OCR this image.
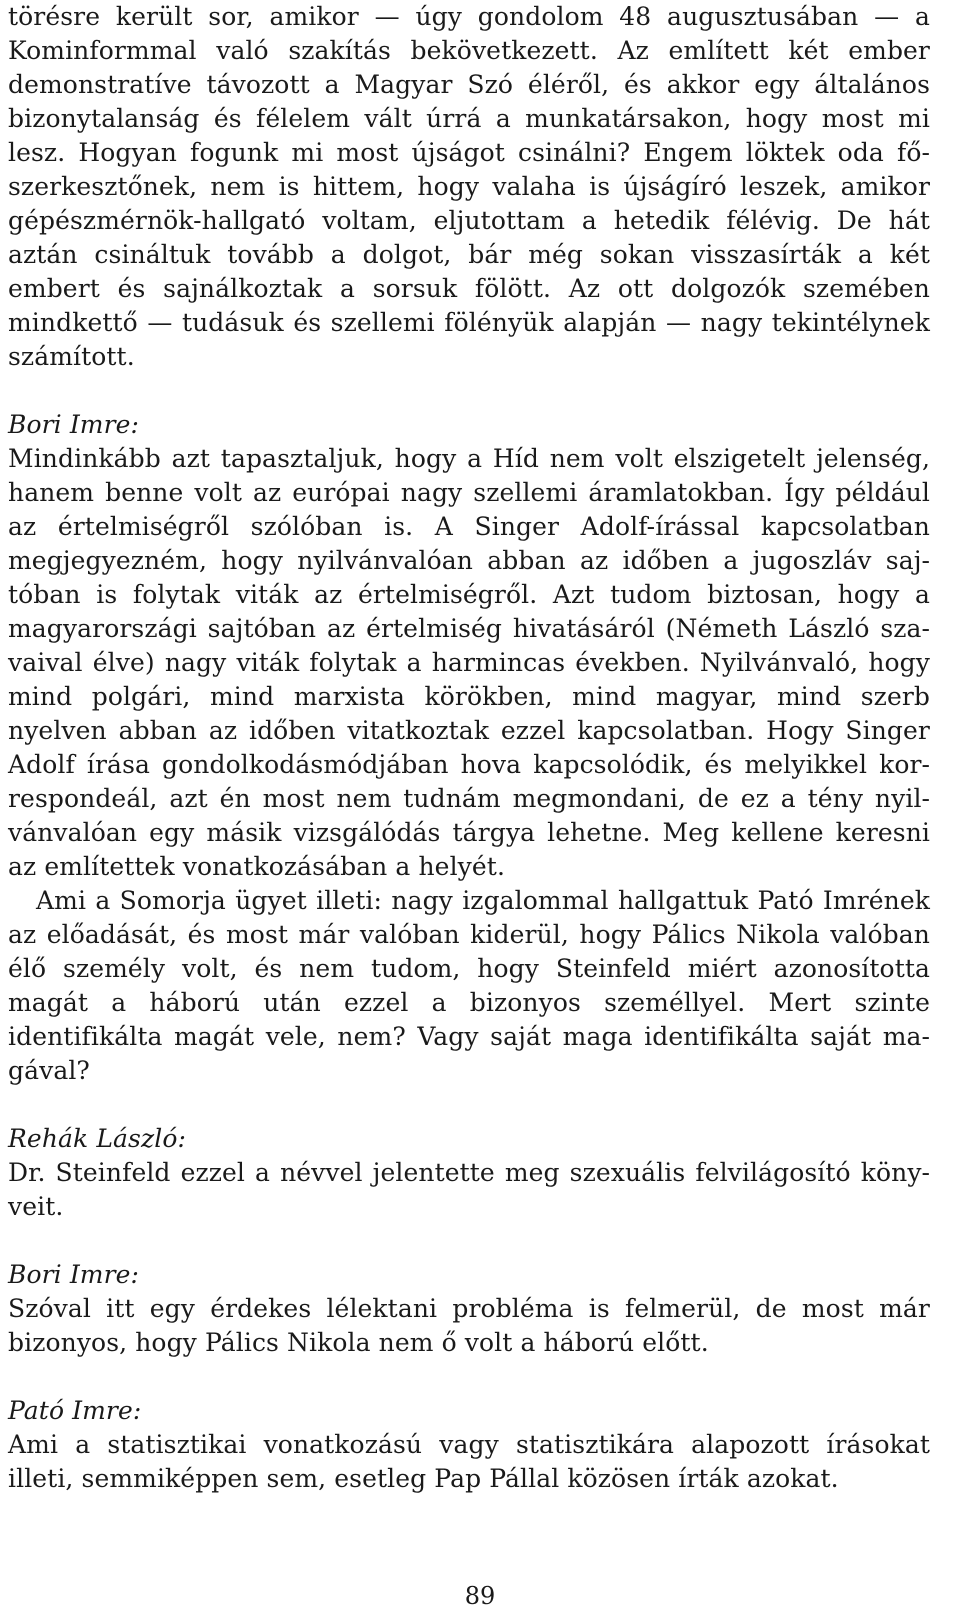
törésre került sor, amikor — úgy gondolom 48 augusztusában — a Kominformmal való szakítás bekövetkezett. Az említett két ember demonstratíve távozott a Magyar Szó éléről, és akkor egy általános bizonytalanság és félelem vált úrrá a munkatársakon, hogy most mi lesz. Hogyan fogunk mi most újságot csinálni? Engem löktek oda főszerkesztőnek, nem is hittem, hogy valaha is újságíró leszek, amikor gépészmérnök-hallgató voltam, eljutottam a hetedik félévig. De hát aztán csináltuk tovább a dolgot, bár még sokan visszasírták a két embert és sajnálkoztak a sorsuk fölött. Az ott dolgozók szemében mindkettő — tudásuk és szellemi fölényük alapján — nagy tekintélynek számított.

Bori Imre:

Mindinkább azt tapasztaljuk, hogy a Híd nem volt elszigetelt jelenség, hanem benne volt az európai nagy szellemi áramlatokban. Így például az értelmiségről szólóban is. A Singer Adolf-írással kapcsolatban megjegyezném, hogy nyilvánvalóan abban az időben a jugoszláv sajtóban is folytak viták az értelmiségről. Azt tudom biztosan, hogy a magyarországi sajtóban az értelmiség hivatásáról (Németh László szavaival élve) nagy viták folytak a harmincas években. Nyilvánvaló, hogy mind polgári, mind marxista körökben, mind magyar, mind szerb nyelven abban az időben vitatkoztak ezzel kapcsolatban. Hogy Singer Adolf írása gondolkodásmódjában hova kapcsolódik, és melyikkel korrespondeál, azt én most nem tudnám megmondani, de ez a tény nyilvánvalóan egy másik vizsgálódás tárgya lehetne. Meg kellene keresni az említettek vonatkozásában a helyét.

Ami a Somorja ügyet illeti: nagy izgalommal hallgattuk Pató Imrének az előadását, és most már valóban kiderül, hogy Pálics Nikola valóban élő személy volt, és nem tudom, hogy Steinfeld miért azonosította magát a háború után ezzel a bizonyos személlyel. Mert szinte identifikálta magát vele, nem? Vagy saját maga identifikálta saját magával?

Rehák László:

Dr. Steinfeld ezzel a névvel jelentette meg szexuális felvilágosító könyveit.

Bori Imre:

Szóval itt egy érdekes lélektani probléma is felmerül, de most már bizonyos, hogy Pálics Nikola nem ő volt a háború előtt.

Pató Imre:

Ami a statisztikai vonatkozású vagy statisztikára alapozott írásokat illeti, semmiképpen sem, esetleg Pap Pállal közösen írták azokat.

89
